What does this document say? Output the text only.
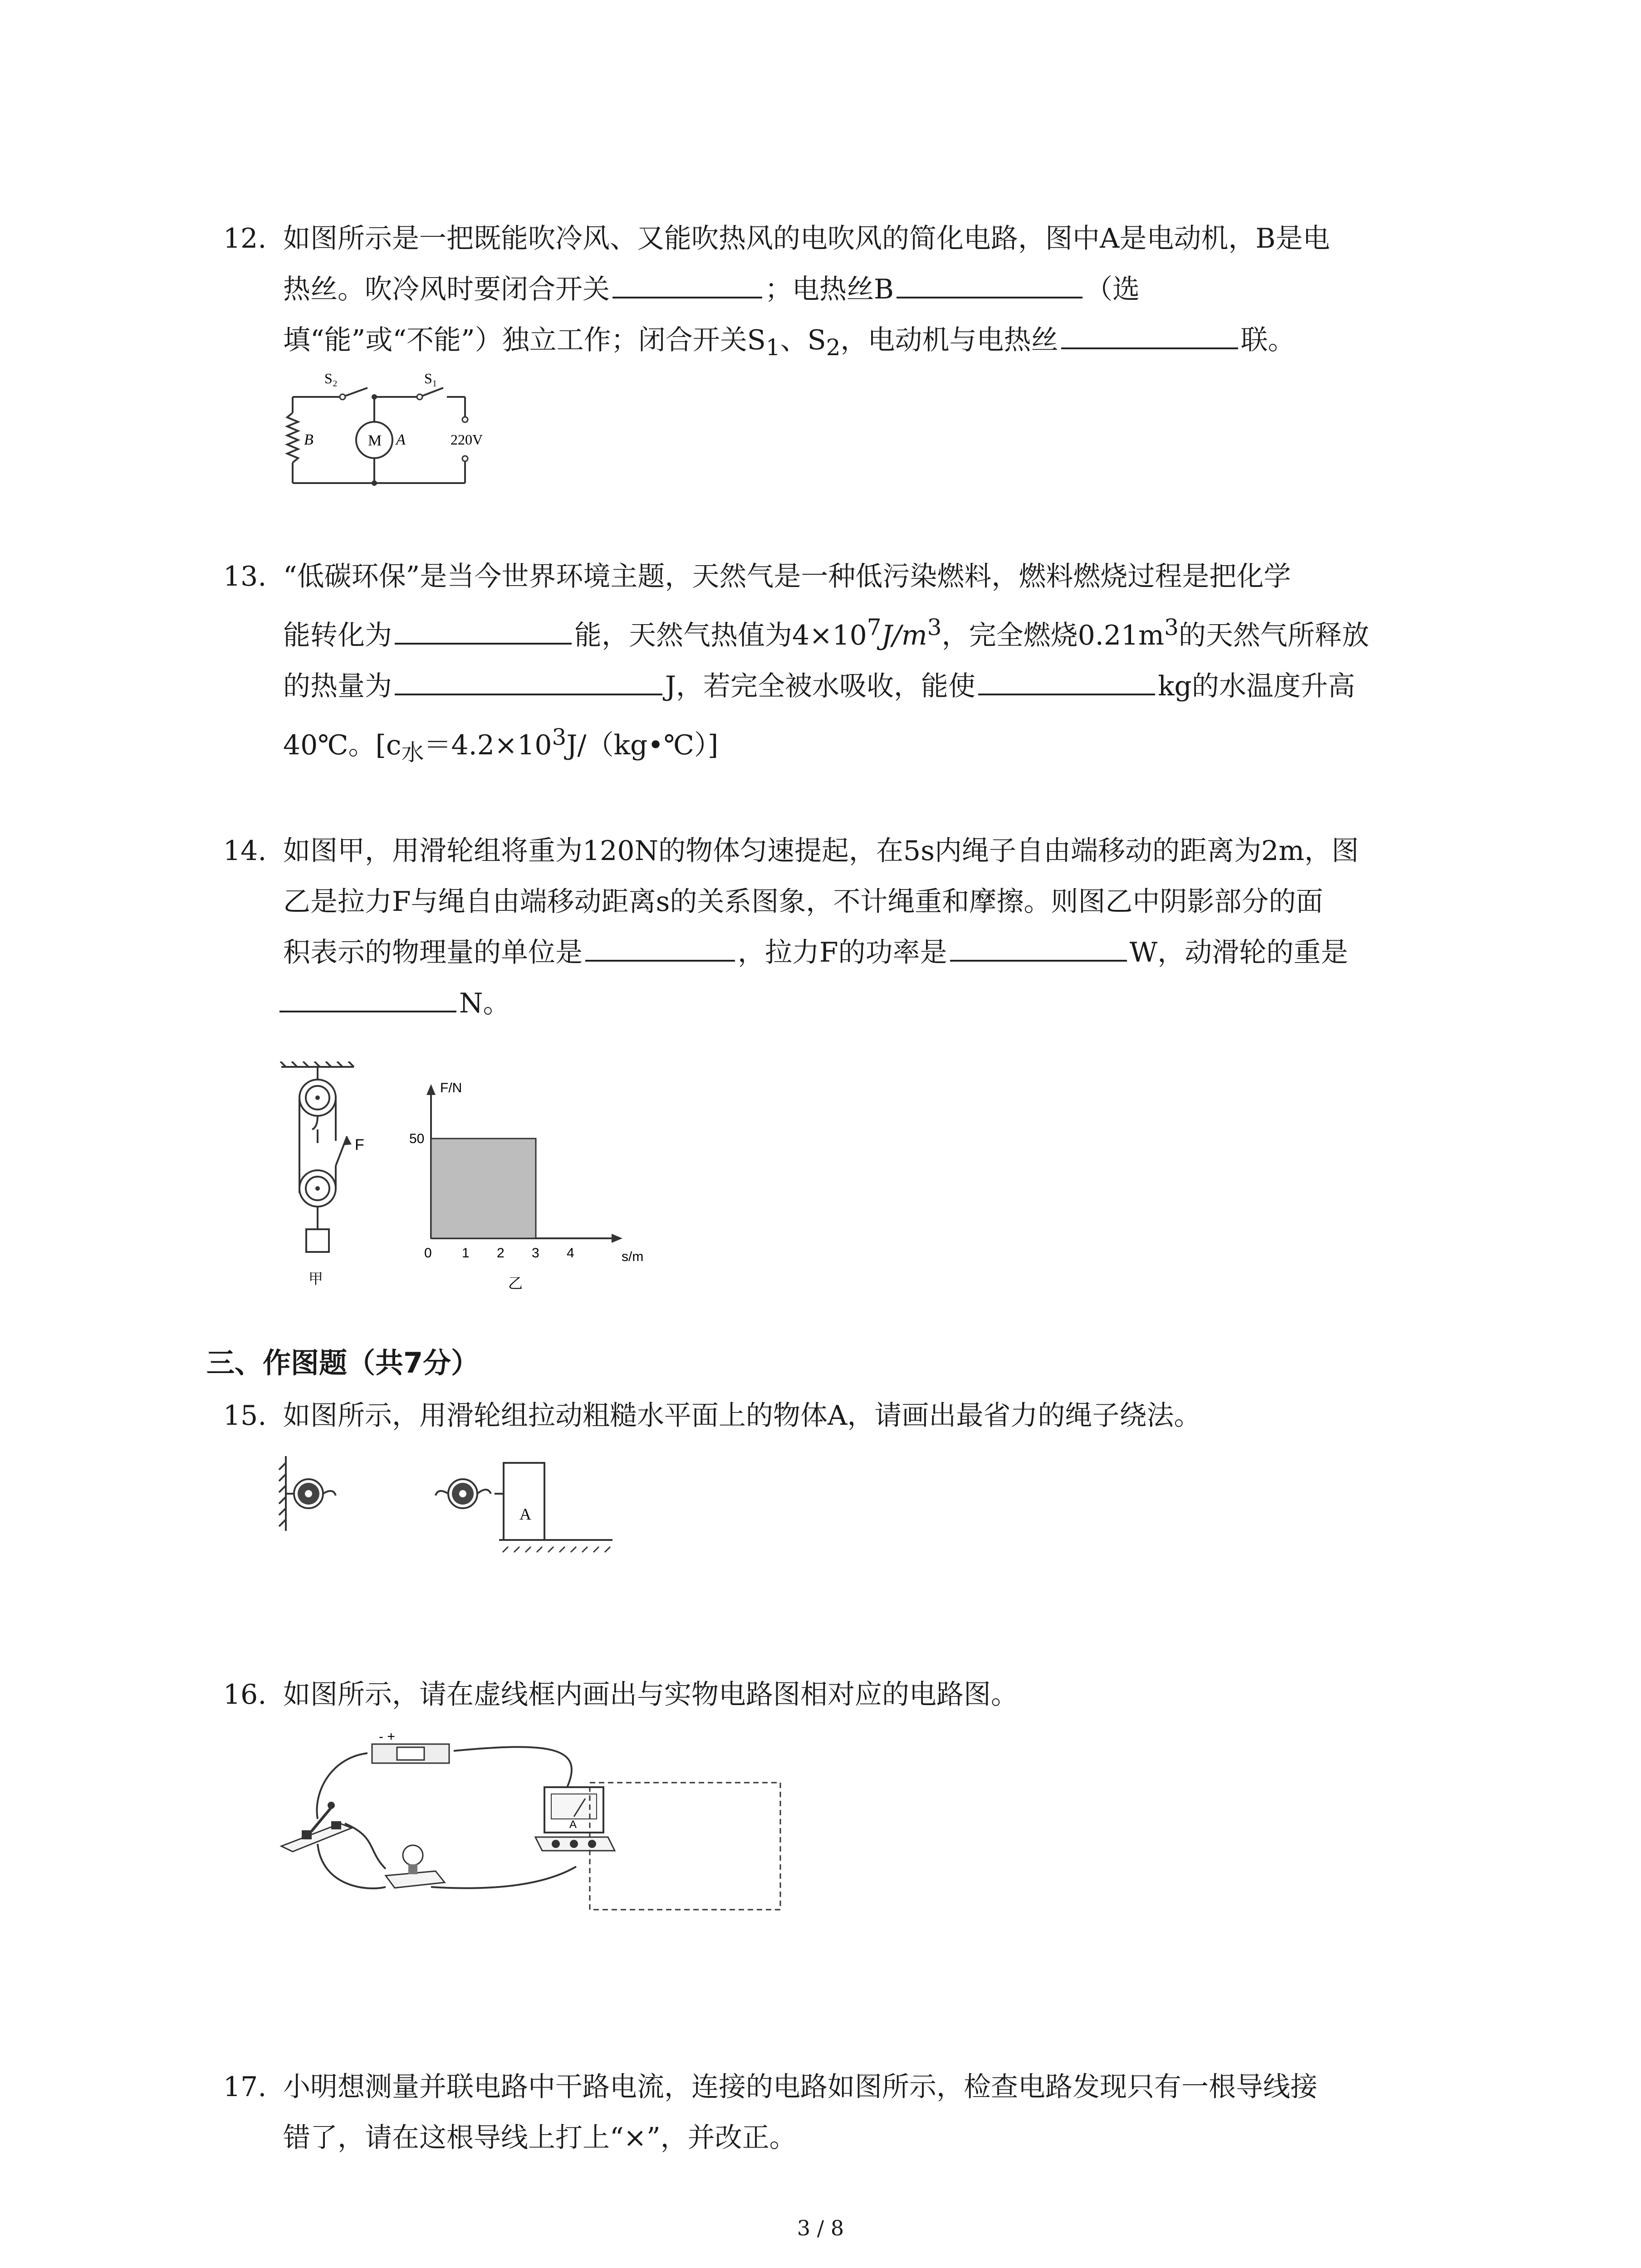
12. 如图所示是一把既能吹冷风、又能吹热风的电吹风的简化电路，图中A是电动机，B是电
热丝。吹冷风时要闭合开关	；电热丝B	（选
填“能”或“不能”）独立工作；闭合开关$S_1$、$S_2$，电动机与电热丝	联。
S₂	S₁
B	M A	220V
13. “低碳环保”是当今世界环境主题，天然气是一种低污染燃料，燃料燃烧过程是把化学
能转化为	能，天然气热值为$4\times 10^7J/m^3$，完全燃烧$0.21m^3$的天然气所释放
的热量为	J，若完全被水吸收，能使	kg的水温度升高
40℃。$[c_水=4.2\times 10^3J/(kg•℃)]$
14. 如图甲，用滑轮组将重为120N的物体匀速提起，在5s内绳子自由端移动的距离为2m，图
乙是拉力F与绳自由端移动距离s的关系图象，不计绳重和摩擦。则图乙中阴影部分的面
积表示的物理量的单位是	，拉力F的功率是	W，动滑轮的重是
N。
F
甲
F/N
s/m
50
0 1 2 3 4
乙
三、作图题（共7分）
15. 如图所示，用滑轮组拉动粗糙水平面上的物体A，请画出最省力的绳子绕法。
A
16. 如图所示，请在虚线框内画出与实物电路图相对应的电路图。
- +
A
17. 小明想测量并联电路中干路电流，连接的电路如图所示，检查电路发现只有一根导线接
错了，请在这根导线上打上“×”，并改正。
3 / 8
